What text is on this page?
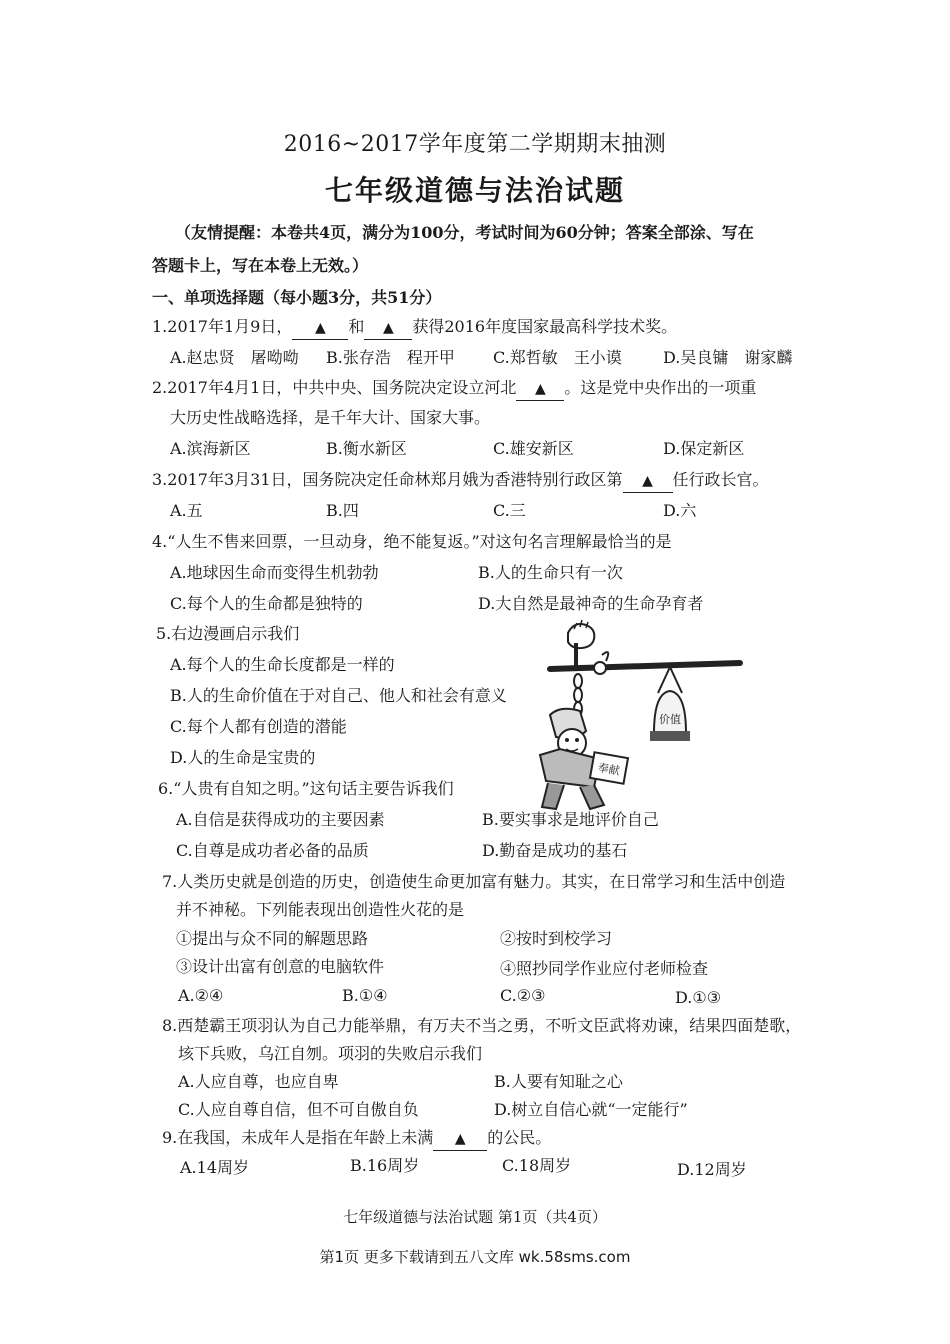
2016~2017学年度第二学期期末抽测
七年级道德与法治试题
（友情提醒：本卷共4页，满分为100分，考试时间为60分钟；答案全部涂、写在
答题卡上，写在本卷上无效。）
一、单项选择题（每小题3分，共51分）
1.2017年1月9日， ▲ 和 ▲ 获得2016年度国家最高科学技术奖。
A.赵忠贤　屠呦呦 B.张存浩　程开甲 C.郑哲敏　王小谟	D.吴良镛　谢家麟
2.2017年4月1日，中共中央、国务院决定设立河北 ▲ 。这是党中央作出的一项重
大历史性战略选择，是千年大计、国家大事。
A.滨海新区	B.衡水新区	C.雄安新区	D.保定新区
3.2017年3月31日，国务院决定任命林郑月娥为香港特别行政区第 ▲ 任行政长官。
A.五	B.四	C.三	D.六
4.“人生不售来回票，一旦动身，绝不能复返。”对这句名言理解最恰当的是
A.地球因生命而变得生机勃勃	B.人的生命只有一次
C.每个人的生命都是独特的	D.大自然是最神奇的生命孕育者
5.右边漫画启示我们
A.每个人的生命长度都是一样的
B.人的生命价值在于对自己、他人和社会有意义
C.每个人都有创造的潜能
D.人的生命是宝贵的
价值
奉献
6.“人贵有自知之明。”这句话主要告诉我们
A.自信是获得成功的主要因素	B.要实事求是地评价自己
C.自尊是成功者必备的品质	D.勤奋是成功的基石
7.人类历史就是创造的历史，创造使生命更加富有魅力。其实，在日常学习和生活中创造
并不神秘。下列能表现出创造性火花的是
①提出与众不同的解题思路	②按时到校学习
③设计出富有创意的电脑软件	④照抄同学作业应付老师检查
A.②④	B.①④	C.②③	D.①③
8.西楚霸王项羽认为自己力能举鼎，有万夫不当之勇，不听文臣武将劝谏，结果四面楚歌，
垓下兵败，乌江自刎。项羽的失败启示我们
A.人应自尊，也应自卑	B.人要有知耻之心
C.人应自尊自信，但不可自傲自负	D.树立自信心就“一定能行”
9.在我国，未成年人是指在年龄上未满 ▲ 的公民。
A.14周岁	B.16周岁	C.18周岁	D.12周岁
七年级道德与法治试题 第1页（共4页）
第1页 更多下载请到五八文库 wk.58sms.com
